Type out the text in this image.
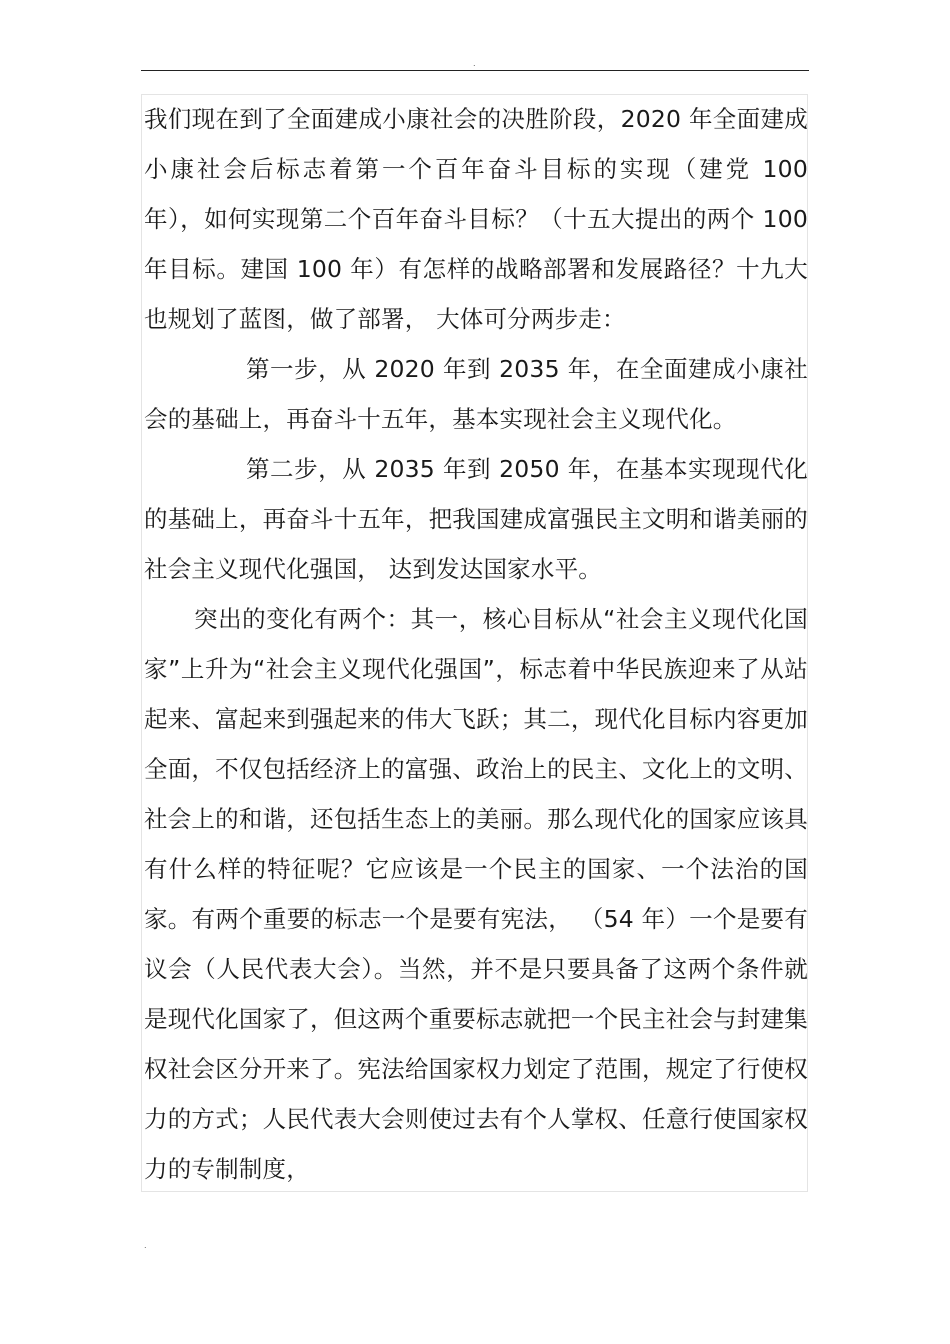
.

我们现在到了全面建成小康社会的决胜阶段，2020 年全面建成小康社会后标志着第一个百年奋斗目标的实现（建党 100 年），如何实现第二个百年奋斗目标？（十五大提出的两个 100 年目标。建国 100 年）有怎样的战略部署和发展路径？十九大也规划了蓝图，做了部署， 大体可分两步走：

第一步，从 2020 年到 2035 年，在全面建成小康社会的基础上，再奋斗十五年，基本实现社会主义现代化。

第二步，从 2035 年到 2050 年，在基本实现现代化的基础上，再奋斗十五年，把我国建成富强民主文明和谐美丽的社会主义现代化强国， 达到发达国家水平。

突出的变化有两个：其一，核心目标从“社会主义现代化国家”上升为“社会主义现代化强国”，标志着中华民族迎来了从站起来、富起来到强起来的伟大飞跃；其二，现代化目标内容更加全面，不仅包括经济上的富强、政治上的民主、文化上的文明、社会上的和谐，还包括生态上的美丽。那么现代化的国家应该具有什么样的特征呢？它应该是一个民主的国家、一个法治的国家。有两个重要的标志一个是要有宪法， （54 年）一个是要有议会（人民代表大会）。当然，并不是只要具备了这两个条件就是现代化国家了，但这两个重要标志就把一个民主社会与封建集权社会区分开来了。宪法给国家权力划定了范围，规定了行使权力的方式；人民代表大会则使过去有个人掌权、任意行使国家权力的专制制度，

.
